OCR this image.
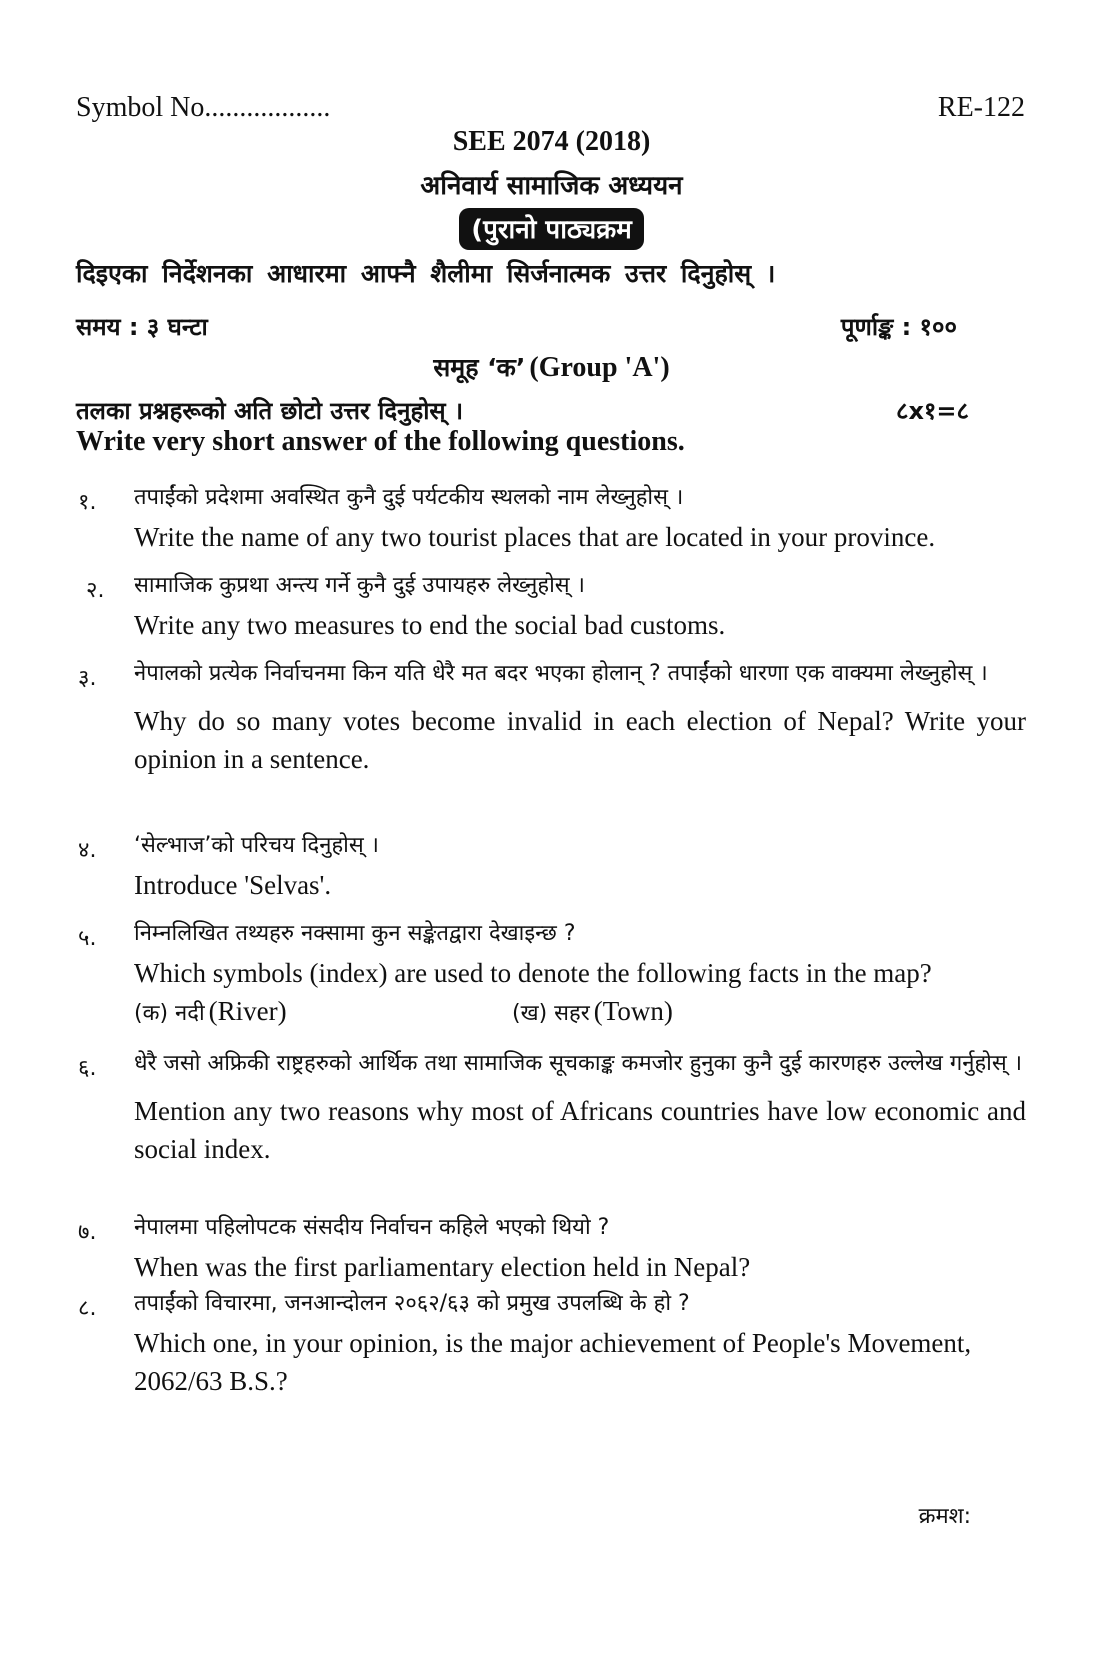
Symbol No..................	RE-122
SEE 2074 (2018)
अनिवार्य सामाजिक अध्ययन
(पुरानो पाठ्यक्रम
दिइएका निर्देशनका आधारमा आफ्नै शैलीमा सिर्जनात्मक उत्तर दिनुहोस् ।
समय : ३ घन्टा	पूर्णाङ्क : १००
समूह ‘क’ (Group 'A')
तलका प्रश्नहरूको अति छोटो उत्तर दिनुहोस् ।	८x१=८
Write very short answer of the following questions.
१. तपाईंको प्रदेशमा अवस्थित कुनै दुई पर्यटकीय स्थलको नाम लेख्नुहोस् ।
Write the name of any two tourist places that are located in your province.
२. सामाजिक कुप्रथा अन्त्य गर्ने कुनै दुई उपायहरु लेख्नुहोस् ।
Write any two measures to end the social bad customs.
३. नेपालको प्रत्येक निर्वाचनमा किन यति धेरै मत बदर भएका होलान् ? तपाईंको धारणा एक वाक्यमा लेख्नुहोस् ।
Why do so many votes become invalid in each election of Nepal? Write your opinion in a sentence.
४. ‘सेल्भाज’को परिचय दिनुहोस् ।
Introduce 'Selvas'.
५. निम्नलिखित तथ्यहरु नक्सामा कुन सङ्केतद्वारा देखाइन्छ ?
Which symbols (index) are used to denote the following facts in the map?
(क) नदी (River)	(ख) सहर (Town)
६. धेरै जसो अफ्रिकी राष्ट्रहरुको आर्थिक तथा सामाजिक सूचकाङ्क कमजोर हुनुका कुनै दुई कारणहरु उल्लेख गर्नुहोस् ।
Mention any two reasons why most of Africans countries have low economic and social index.
७. नेपालमा पहिलोपटक संसदीय निर्वाचन कहिले भएको थियो ?
When was the first parliamentary election held in Nepal?
८. तपाईंको विचारमा, जनआन्दोलन २०६२/६३ को प्रमुख उपलब्धि के हो ?
Which one, in your opinion, is the major achievement of People's Movement, 2062/63 B.S.?
क्रमश:
